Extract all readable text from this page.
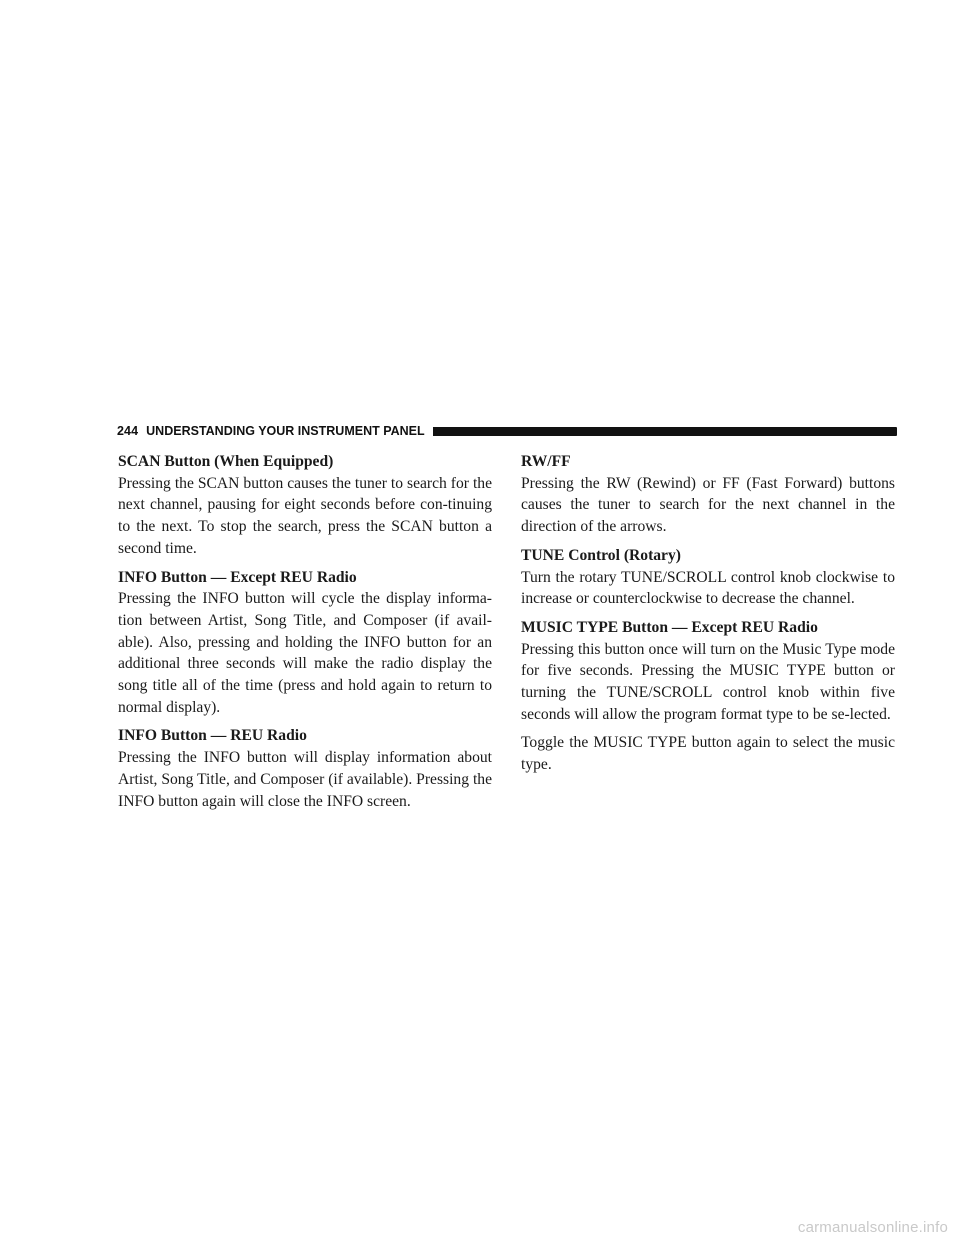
244 UNDERSTANDING YOUR INSTRUMENT PANEL
SCAN Button (When Equipped)

Pressing the SCAN button causes the tuner to search for the next channel, pausing for eight seconds before con-tinuing to the next. To stop the search, press the SCAN button a second time.

INFO Button — Except REU Radio

Pressing the INFO button will cycle the display informa-tion between Artist, Song Title, and Composer (if avail-able). Also, pressing and holding the INFO button for an additional three seconds will make the radio display the song title all of the time (press and hold again to return to normal display).

INFO Button — REU Radio

Pressing the INFO button will display information about Artist, Song Title, and Composer (if available). Pressing the INFO button again will close the INFO screen.

RW/FF

Pressing the RW (Rewind) or FF (Fast Forward) buttons causes the tuner to search for the next channel in the direction of the arrows.

TUNE Control (Rotary)

Turn the rotary TUNE/SCROLL control knob clockwise to increase or counterclockwise to decrease the channel.

MUSIC TYPE Button — Except REU Radio

Pressing this button once will turn on the Music Type mode for five seconds. Pressing the MUSIC TYPE button or turning the TUNE/SCROLL control knob within five seconds will allow the program format type to be se-lected.

Toggle the MUSIC TYPE button again to select the music type.

carmanualsonline.info
